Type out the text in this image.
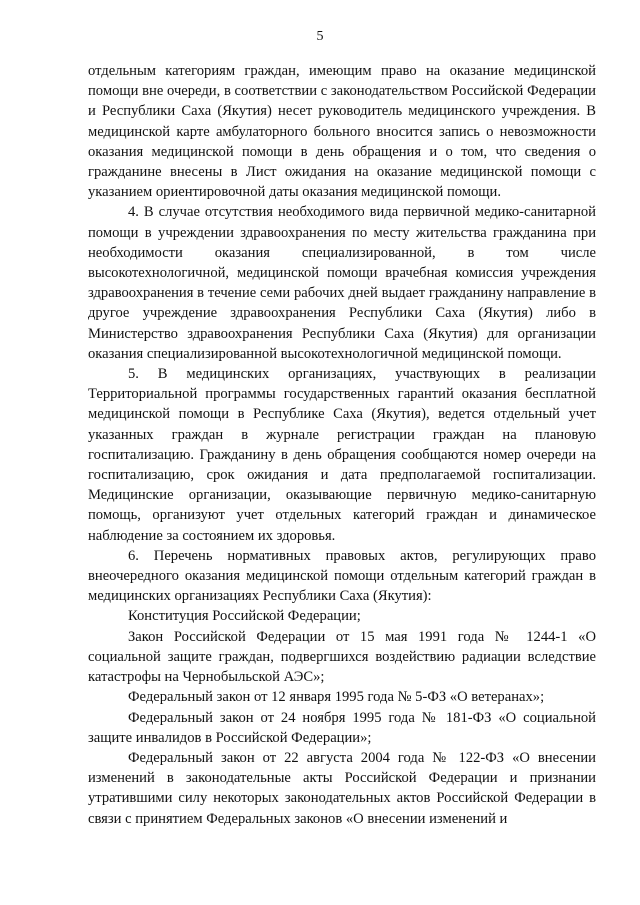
5

отдельным категориям граждан, имеющим право на оказание медицинской помощи вне очереди, в соответствии с законодательством Российской Федерации и Республики Саха (Якутия) несет руководитель медицинского учреждения. В медицинской карте амбулаторного больного вносится запись о невозможности оказания медицинской помощи в день обращения и о том, что сведения о гражданине внесены в Лист ожидания на оказание медицинской помощи с указанием ориентировочной даты оказания медицинской помощи.

4. В случае отсутствия необходимого вида первичной медико-санитарной помощи в учреждении здравоохранения по месту жительства гражданина при необходимости оказания специализированной, в том числе высокотехнологичной, медицинской помощи врачебная комиссия учреждения здравоохранения в течение семи рабочих дней выдает гражданину направление в другое учреждение здравоохранения Республики Саха (Якутия) либо в Министерство здравоохранения Республики Саха (Якутия) для организации оказания специализированной высокотехнологичной медицинской помощи.

5. В медицинских организациях, участвующих в реализации Территориальной программы государственных гарантий оказания бесплатной медицинской помощи в Республике Саха (Якутия), ведется отдельный учет указанных граждан в журнале регистрации граждан на плановую госпитализацию. Гражданину в день обращения сообщаются номер очереди на госпитализацию, срок ожидания и дата предполагаемой госпитализации. Медицинские организации, оказывающие первичную медико-санитарную помощь, организуют учет отдельных категорий граждан и динамическое наблюдение за состоянием их здоровья.

6. Перечень нормативных правовых актов, регулирующих право внеочередного оказания медицинской помощи отдельным категорий граждан в медицинских организациях Республики Саха (Якутия):

Конституция Российской Федерации;

Закон Российской Федерации от 15 мая 1991 года № 1244-1 «О социальной защите граждан, подвергшихся воздействию радиации вследствие катастрофы на Чернобыльской АЭС»;

Федеральный закон от 12 января 1995 года № 5-ФЗ «О ветеранах»;

Федеральный закон от 24 ноября 1995 года № 181-ФЗ «О социальной защите инвалидов в Российской Федерации»;

Федеральный закон от 22 августа 2004 года № 122-ФЗ «О внесении изменений в законодательные акты Российской Федерации и признании утратившими силу некоторых законодательных актов Российской Федерации в связи с принятием Федеральных законов «О внесении изменений и
